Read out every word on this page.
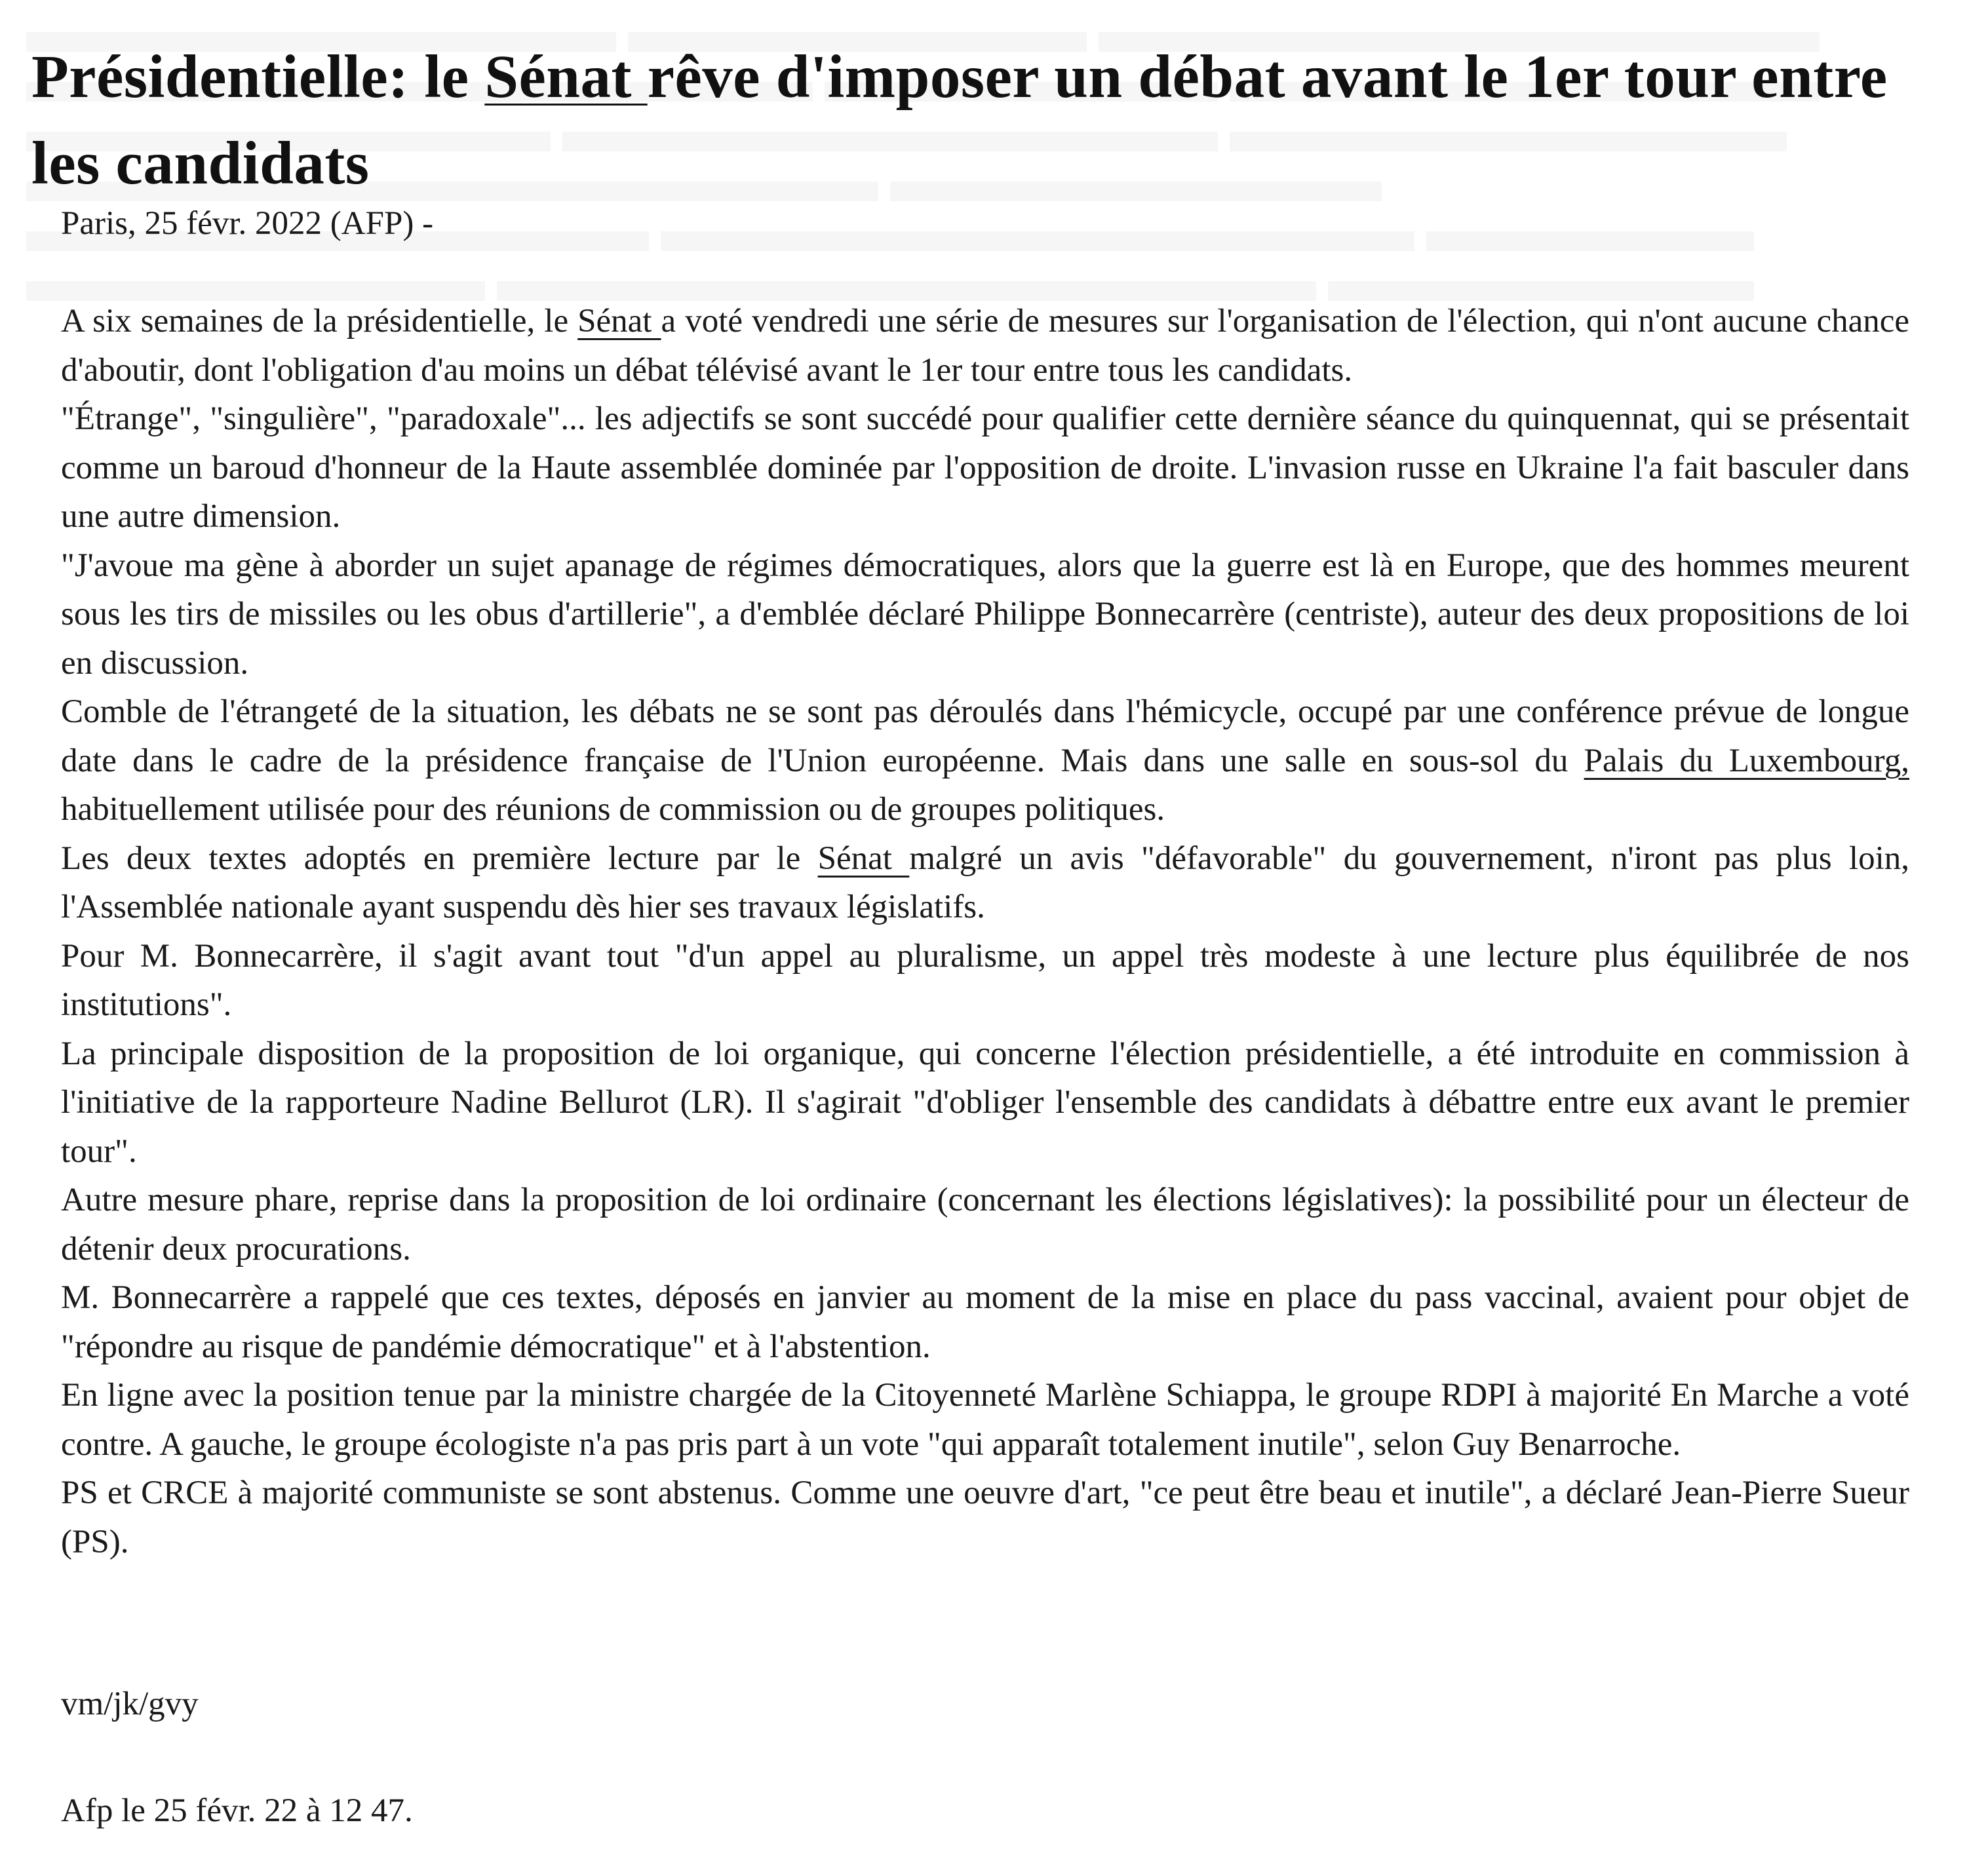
Présidentielle: le Sénat rêve d'imposer un débat avant le 1er tour entre les candidats

Paris, 25 févr. 2022 (AFP) -

A six semaines de la présidentielle, le Sénat a voté vendredi une série de mesures sur l'organisation de l'élection, qui n'ont aucune chance d'aboutir, dont l'obligation d'au moins un débat télévisé avant le 1er tour entre tous les candidats.

"Étrange", "singulière", "paradoxale"... les adjectifs se sont succédé pour qualifier cette dernière séance du quinquennat, qui se présentait comme un baroud d'honneur de la Haute assemblée dominée par l'opposition de droite. L'invasion russe en Ukraine l'a fait basculer dans une autre dimension.

"J'avoue ma gène à aborder un sujet apanage de régimes démocratiques, alors que la guerre est là en Europe, que des hommes meurent sous les tirs de missiles ou les obus d'artillerie", a d'emblée déclaré Philippe Bonnecarrère (centriste), auteur des deux propositions de loi en discussion.

Comble de l'étrangeté de la situation, les débats ne se sont pas déroulés dans l'hémicycle, occupé par une conférence prévue de longue date dans le cadre de la présidence française de l'Union européenne. Mais dans une salle en sous-sol du Palais du Luxembourg, habituellement utilisée pour des réunions de commission ou de groupes politiques.

Les deux textes adoptés en première lecture par le Sénat malgré un avis "défavorable" du gouvernement, n'iront pas plus loin, l'Assemblée nationale ayant suspendu dès hier ses travaux législatifs.

Pour M. Bonnecarrère, il s'agit avant tout "d'un appel au pluralisme, un appel très modeste à une lecture plus équilibrée de nos institutions".

La principale disposition de la proposition de loi organique, qui concerne l'élection présidentielle, a été introduite en commission à l'initiative de la rapporteure Nadine Bellurot (LR). Il s'agirait "d'obliger l'ensemble des candidats à débattre entre eux avant le premier tour".

Autre mesure phare, reprise dans la proposition de loi ordinaire (concernant les élections législatives): la possibilité pour un électeur de détenir deux procurations.

M. Bonnecarrère a rappelé que ces textes, déposés en janvier au moment de la mise en place du pass vaccinal, avaient pour objet de "répondre au risque de pandémie démocratique" et à l'abstention.

En ligne avec la position tenue par la ministre chargée de la Citoyenneté Marlène Schiappa, le groupe RDPI à majorité En Marche a voté contre. A gauche, le groupe écologiste n'a pas pris part à un vote "qui apparaît totalement inutile", selon Guy Benarroche.

PS et CRCE à majorité communiste se sont abstenus. Comme une oeuvre d'art, "ce peut être beau et inutile", a déclaré Jean-Pierre Sueur (PS).

vm/jk/gvy

Afp le 25 févr. 22 à 12 47.
